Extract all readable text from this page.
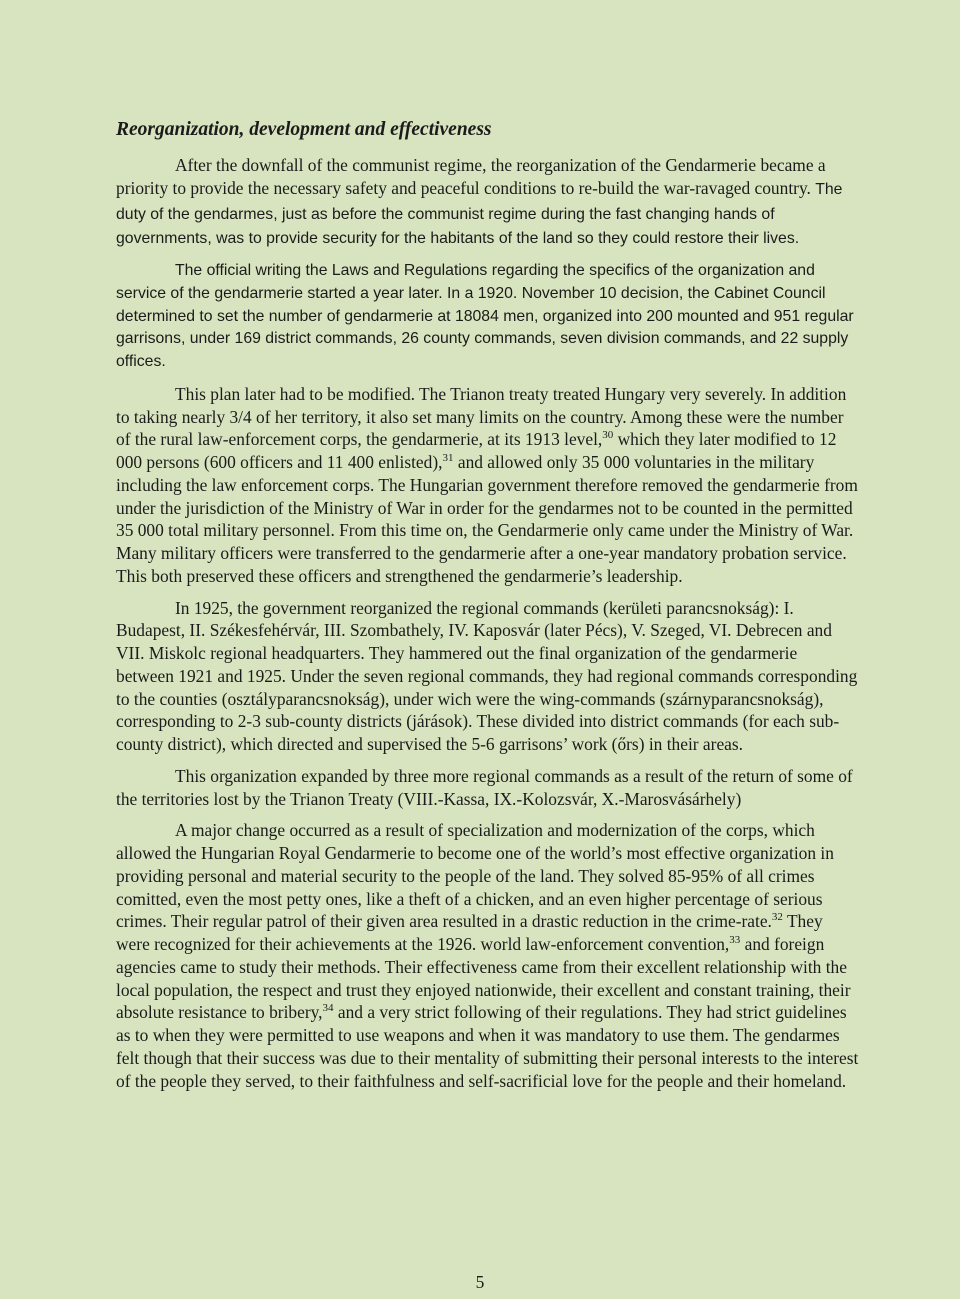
Reorganization, development and effectiveness

After the downfall of the communist regime, the reorganization of the Gendarmerie became a priority to provide the necessary safety and peaceful conditions to re-build the war-ravaged country. The duty of the gendarmes, just as before the communist regime during the fast changing hands of governments, was to provide security for the habitants of the land so they could restore their lives.

The official writing the Laws and Regulations regarding the specifics of the organization and service of the gendarmerie started a year later. In a 1920. November 10 decision, the Cabinet Council determined to set the number of gendarmerie at 18084 men, organized into 200 mounted and 951 regular garrisons, under 169 district commands, 26 county commands, seven division commands, and 22 supply offices.

This plan later had to be modified. The Trianon treaty treated Hungary very severely. In addition to taking nearly 3/4 of her territory, it also set many limits on the country. Among these were the number of the rural law-enforcement corps, the gendarmerie, at its 1913 level,$^{30}$ which they later modified to 12 000 persons (600 officers and 11 400 enlisted),$^{31}$ and allowed only 35 000 voluntaries in the military including the law enforcement corps. The Hungarian government therefore removed the gendarmerie from under the jurisdiction of the Ministry of War in order for the gendarmes not to be counted in the permitted 35 000 total military personnel. From this time on, the Gendarmerie only came under the Ministry of War. Many military officers were transferred to the gendarmerie after a one-year mandatory probation service. This both preserved these officers and strengthened the gendarmerie’s leadership.

In 1925, the government reorganized the regional commands (kerületi parancsnokság): I. Budapest, II. Székesfehérvár, III. Szombathely, IV. Kaposvár (later Pécs), V. Szeged, VI. Debrecen and VII. Miskolc regional headquarters. They hammered out the final organization of the gendarmerie between 1921 and 1925. Under the seven regional commands, they had regional commands corresponding to the counties (osztályparancsnokság), under wich were the wing-commands (szárnyparancsnokság), corresponding to 2-3 sub-county districts (járások). These divided into district commands (for each sub-county district), which directed and supervised the 5-6 garrisons’ work (őrs) in their areas.

This organization expanded by three more regional commands as a result of the return of some of the territories lost by the Trianon Treaty (VIII.-Kassa, IX.-Kolozsvár, X.-Marosvásárhely)

A major change occurred as a result of specialization and modernization of the corps, which allowed the Hungarian Royal Gendarmerie to become one of the world’s most effective organization in providing personal and material security to the people of the land. They solved 85-95% of all crimes comitted, even the most petty ones, like a theft of a chicken, and an even higher percentage of serious crimes. Their regular patrol of their given area resulted in a drastic reduction in the crime-rate.$^{32}$ They were recognized for their achievements at the 1926. world law-enforcement convention,$^{33}$ and foreign agencies came to study their methods. Their effectiveness came from their excellent relationship with the local population, the respect and trust they enjoyed nationwide, their excellent and constant training, their absolute resistance to bribery,$^{34}$ and a very strict following of their regulations. They had strict guidelines as to when they were permitted to use weapons and when it was mandatory to use them. The gendarmes felt though that their success was due to their mentality of submitting their personal interests to the interest of the people they served, to their faithfulness and self-sacrificial love for the people and their homeland.

5
